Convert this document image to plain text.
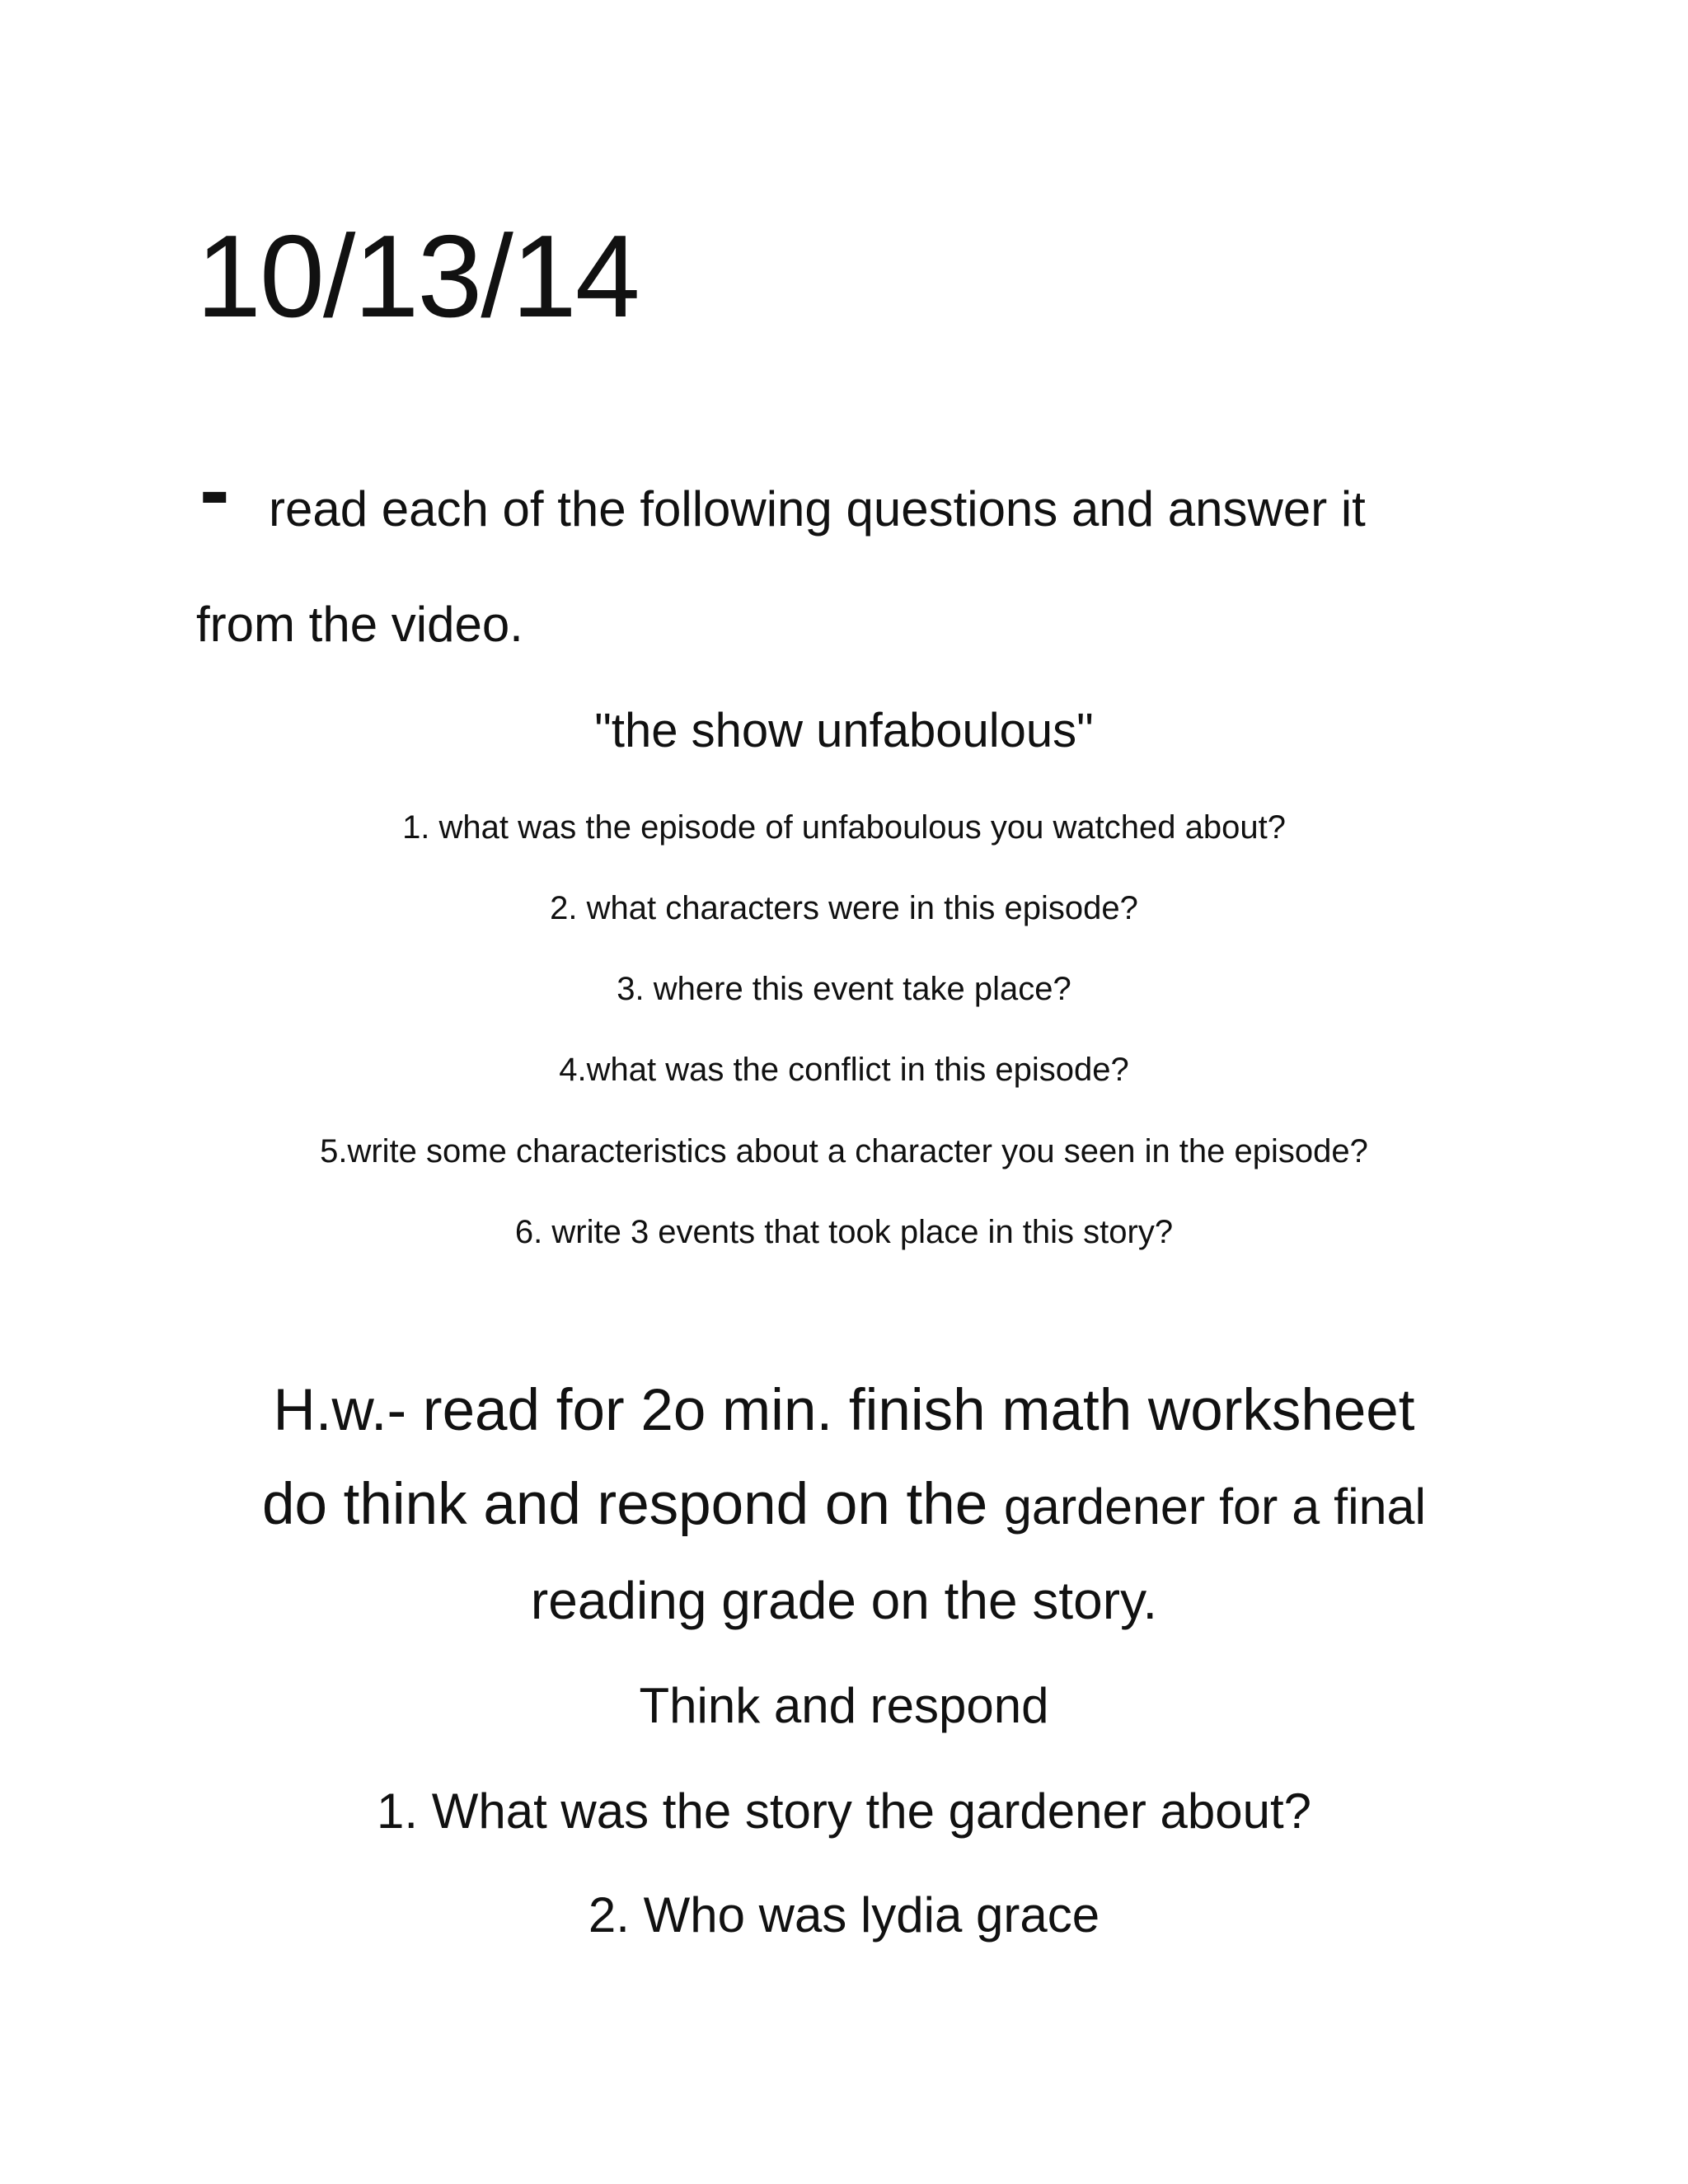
10/13/14
- read each of the following questions and answer it
from the video.
"the show unfaboulous"
1. what was the episode of unfaboulous you watched about?
2. what characters were in this episode?
3. where this event take place?
4.what was the conflict in this episode?
5.write some characteristics about a character you seen in the episode?
6. write 3 events that took place in this story?
H.w.- read for 2o min. finish math worksheet
do think and respond on the gardener for a final
reading grade on the story.
Think and respond
1. What was the story the gardener about?
2. Who was lydia grace
